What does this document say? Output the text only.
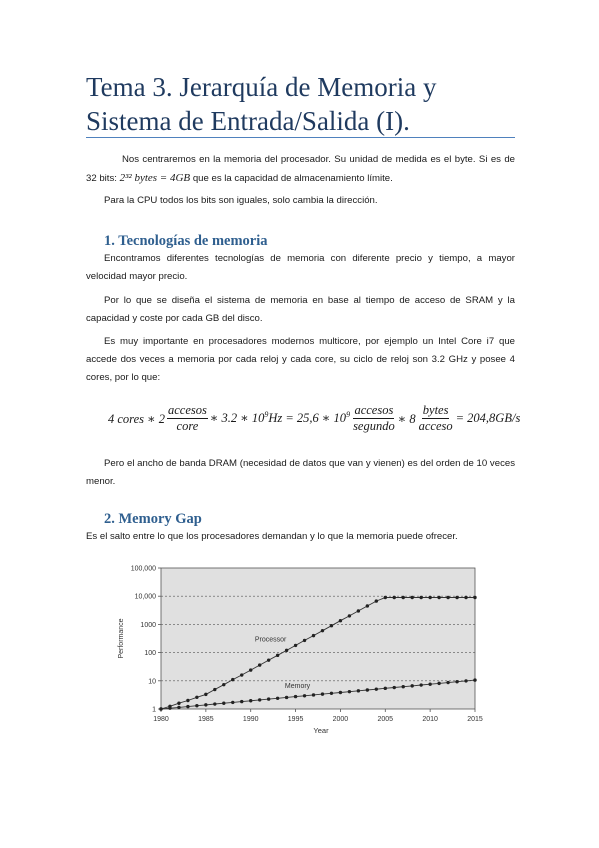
Tema 3. Jerarquía de Memoria y Sistema de Entrada/Salida (I).

Nos centraremos en la memoria del procesador. Su unidad de medida es el byte. Si es de 32 bits: 2³² bytes = 4GB que es la capacidad de almacenamiento límite.

Para la CPU todos los bits son iguales, solo cambia la dirección.

1. Tecnologías de memoria

Encontramos diferentes tecnologías de memoria con diferente precio y tiempo, a mayor velocidad mayor precio.

Por lo que se diseña el sistema de memoria en base al tiempo de acceso de SRAM y la capacidad y coste por cada GB del disco.

Es muy importante en procesadores modernos multicore, por ejemplo un Intel Core i7 que accede dos veces a memoria por cada reloj y cada core, su ciclo de reloj son 3.2 GHz y posee 4 cores, por lo que:

4 cores ∗ $2 \frac{\text{accesos}}{\text{core}}$ ∗ 3.2 ∗ $10^9$ Hz = 25,6 ∗ $10^9 \frac{\text{accesos}}{\text{segundo}}$ ∗ $8 \frac{\text{bytes}}{\text{acceso}} = 204,8GB/s$

Pero el ancho de banda DRAM (necesidad de datos que van y vienen) es del orden de 10 veces menor.

2. Memory Gap

Es el salto entre lo que los procesadores demandan y lo que la memoria puede ofrecer.

1
10
100
1000
10,000
100,000
1980	1985	1990	1995	2000	2005	2010	2015
Year
Performance	Processor
Memory
